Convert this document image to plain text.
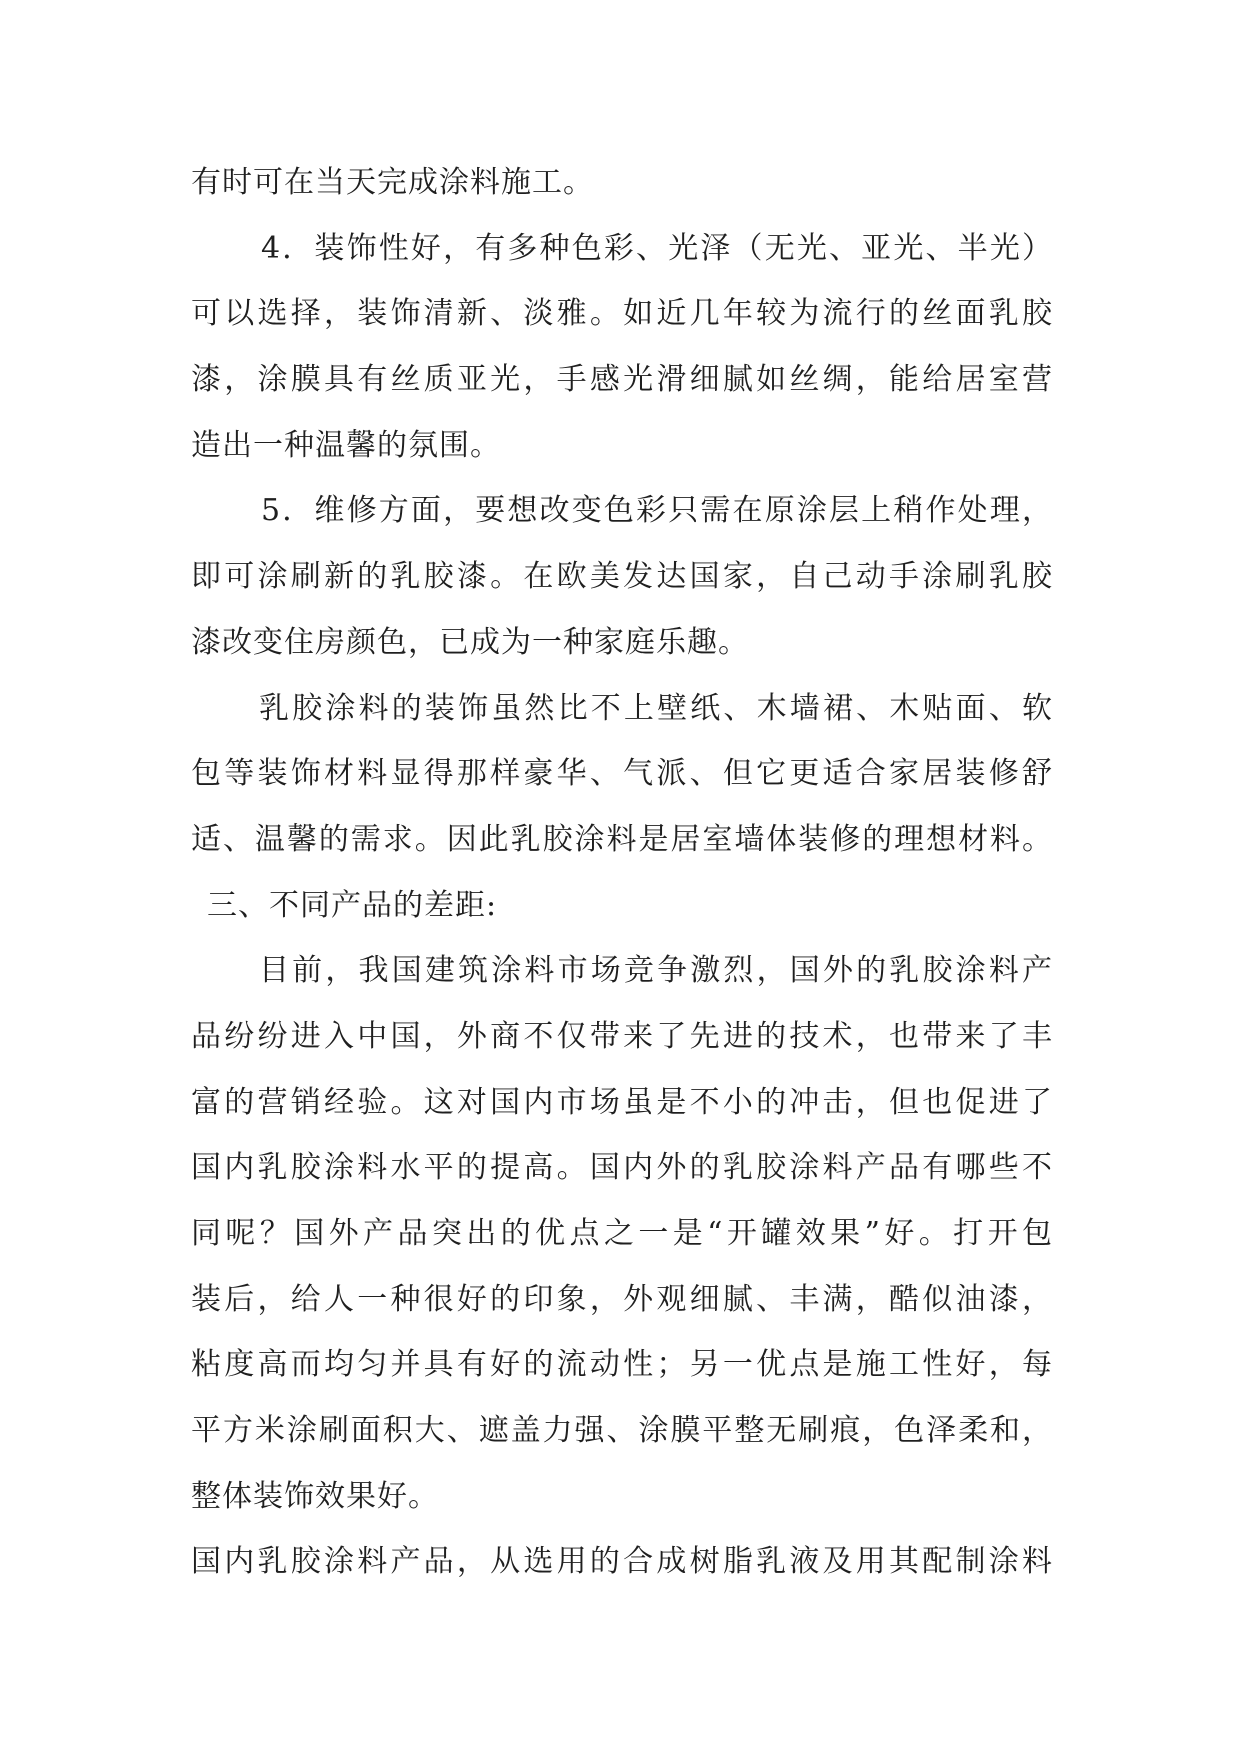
有时可在当天完成涂料施工。
4．装饰性好，有多种色彩、光泽（无光、亚光、半光）
可以选择，装饰清新、淡雅。如近几年较为流行的丝面乳胶
漆，涂膜具有丝质亚光，手感光滑细腻如丝绸，能给居室营
造出一种温馨的氛围。
5．维修方面，要想改变色彩只需在原涂层上稍作处理，
即可涂刷新的乳胶漆。在欧美发达国家，自己动手涂刷乳胶
漆改变住房颜色，已成为一种家庭乐趣。
乳胶涂料的装饰虽然比不上壁纸、木墙裙、木贴面、软
包等装饰材料显得那样豪华、气派、但它更适合家居装修舒
适、温馨的需求。因此乳胶涂料是居室墙体装修的理想材料。
三、不同产品的差距:
目前，我国建筑涂料市场竞争激烈，国外的乳胶涂料产
品纷纷进入中国，外商不仅带来了先进的技术，也带来了丰
富的营销经验。这对国内市场虽是不小的冲击，但也促进了
国内乳胶涂料水平的提高。国内外的乳胶涂料产品有哪些不
同呢？国外产品突出的优点之一是“开罐效果”好。打开包
装后，给人一种很好的印象，外观细腻、丰满，酷似油漆，
粘度高而均匀并具有好的流动性；另一优点是施工性好，每
平方米涂刷面积大、遮盖力强、涂膜平整无刷痕，色泽柔和，
整体装饰效果好。
国内乳胶涂料产品，从选用的合成树脂乳液及用其配制涂料
